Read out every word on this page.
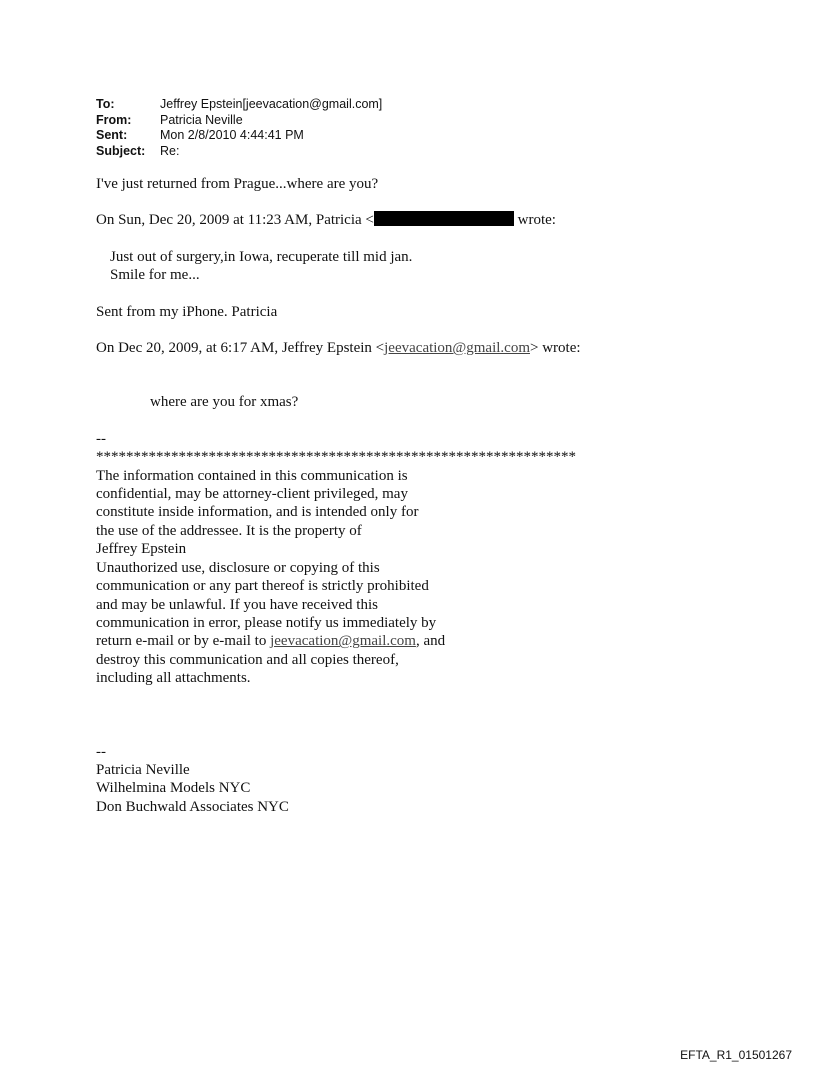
To:	Jeffrey Epstein[jeevacation@gmail.com]
From:	Patricia Neville
Sent:	Mon 2/8/2010 4:44:41 PM
Subject:	Re:

I've just returned from Prague...where are you?

On Sun, Dec 20, 2009 at 11:23 AM, Patricia <	wrote:

Just out of surgery,in Iowa, recuperate till mid jan.

Smile for me...

Sent from my iPhone. Patricia

On Dec 20, 2009, at 6:17 AM, Jeffrey Epstein <jeevacation@gmail.com> wrote:

where are you for xmas?

--

****************************************************************

The information contained in this communication is

confidential, may be attorney-client privileged, may

constitute inside information, and is intended only for

the use of the addressee. It is the property of

Jeffrey Epstein

Unauthorized use, disclosure or copying of this

communication or any part thereof is strictly prohibited

and may be unlawful. If you have received this

communication in error, please notify us immediately by

return e-mail or by e-mail to jeevacation@gmail.com, and

destroy this communication and all copies thereof,

including all attachments.

--

Patricia Neville

Wilhelmina Models NYC

Don Buchwald Associates NYC

EFTA_R1_01501267
